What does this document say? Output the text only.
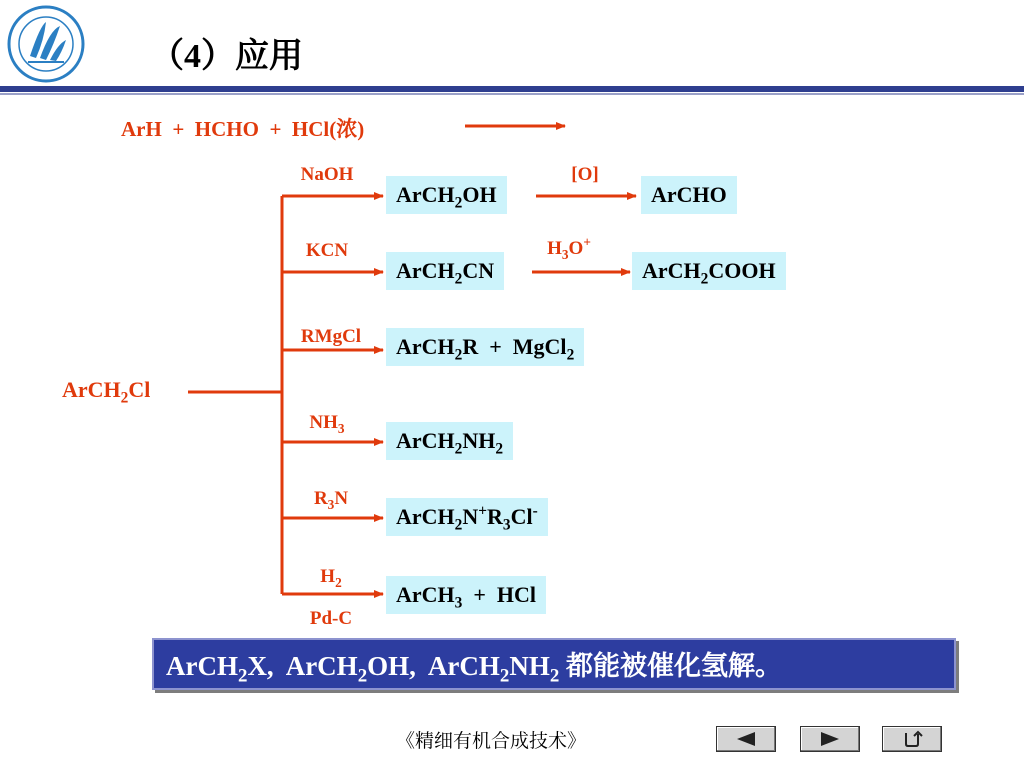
（4）应用
ArH  +  HCHO  +  HCl(浓)
ArCH$_2$Cl
NaOH
KCN
RMgCl
$NH_3$
$R_3N$
$H_2$
Pd-C
[O]
$H_3O^+$
ArCH$_2$OH	ArCHO
ArCH$_2$CN	ArCH$_2$COOH
ArCH$_2$R  +  MgCl$_2$
$ArCH_2NH_2$
$ArCH_2N^+R_3Cl^-$
ArCH$_3$  +  HCl
ArCH$_2$X,  ArCH$_2$OH,  $ArCH_2NH_2$ 都能被催化氢解。
《精细有机合成技术》
